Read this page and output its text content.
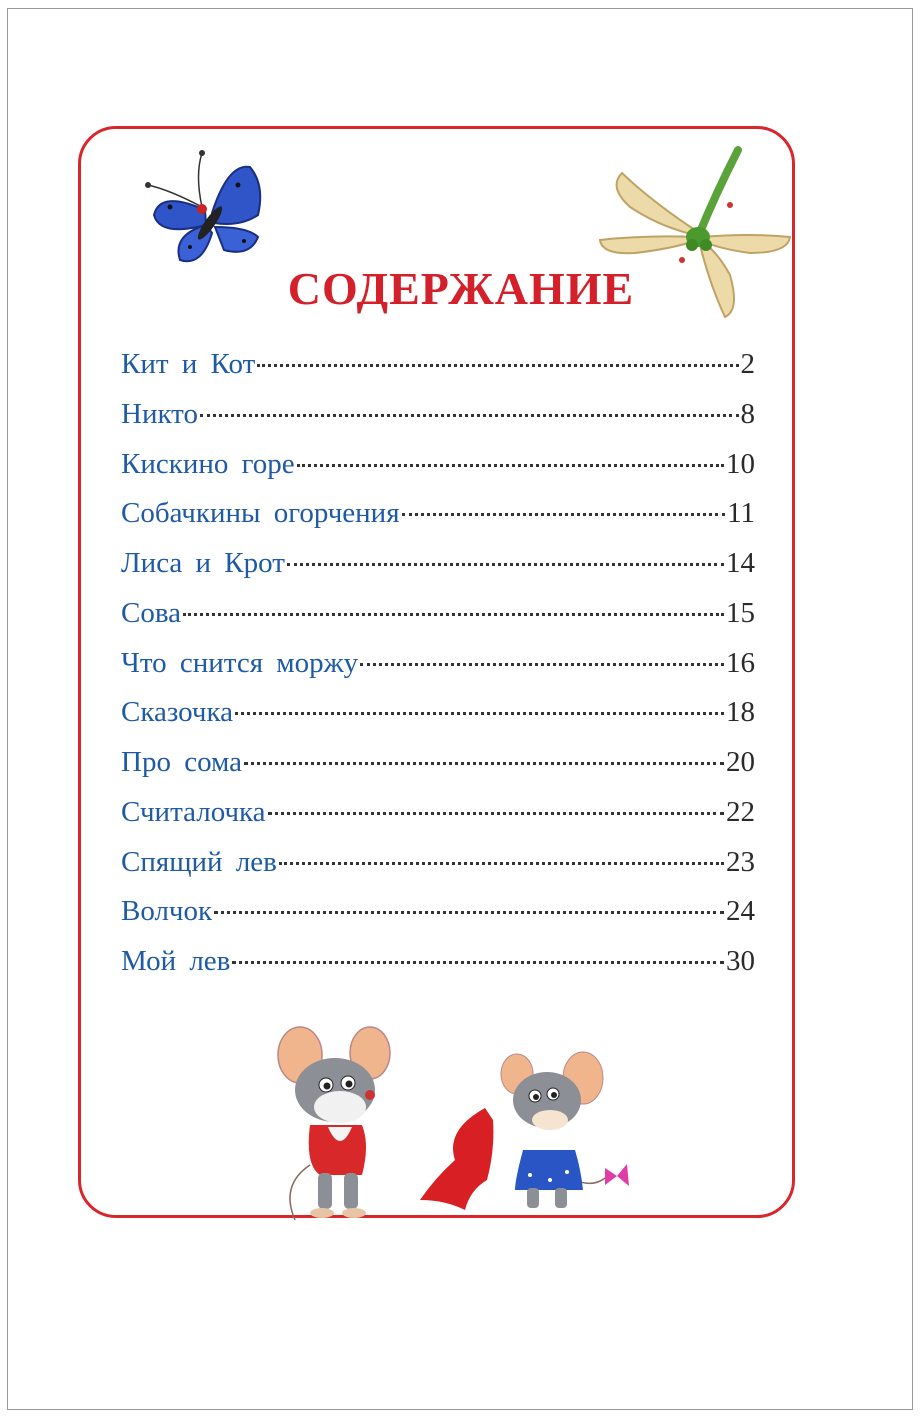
СОДЕРЖАНИЕ
Кит и Кот	2
Никто	8
Кискино горе	10
Собачкины огорчения	11
Лиса и Крот	14
Сова	15
Что снится моржу	16
Сказочка	18
Про сома	20
Считалочка	22
Спящий лев	23
Волчок	24
Мой лев	30
